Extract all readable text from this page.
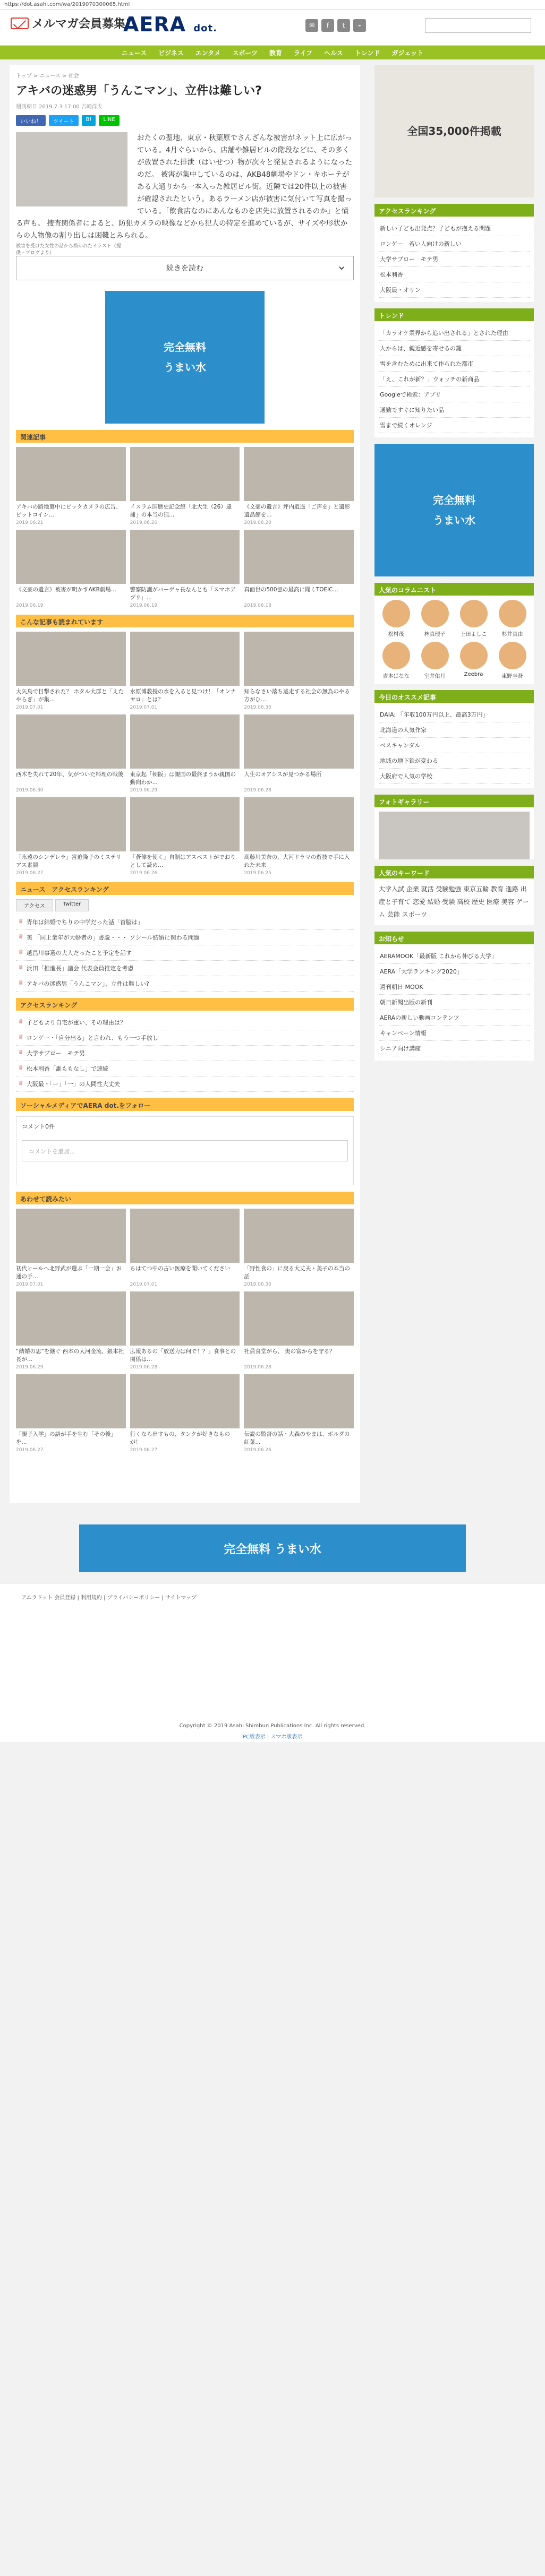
https://dot.asahi.com/wa/2019070300065.html
メルマガ会員募集!
AERA dot.	✉	f	t	⌁
ニュース ビジネス エンタメ スポーツ 教育 ライフ ヘルス トレンド ガジェット
トップ > ニュース > 社会
アキバの迷惑男「うんこマン」、立件は難しい?
週刊朝日 2019.7.3 17:00 吉崎洋夫
いいね！	ツイート	B!	LINE
おたくの聖地、東京・秋葉原でさんざんな被害がネット上に広がっている。4月ぐらいから、店舗や雑居ビルの階段などに、その多くが放置された排泄（はいせつ）物が次々と発見されるようになったのだ。 被害が集中しているのは、AKB48劇場やドン・キホーテがある大通りから一本入った雑居ビル街。近隣では20件以上の被害が確認されたという。あるラーメン店が被害に気付いて写真を撮っている。「飲食店なのにあんなものを店先に放置されるのか」と憤る声も。 捜査関係者によると、防犯カメラの映像などから犯人の特定を進めているが、サイズや形状からの人物像の割り出しは困難とみられる。
被害を受けた女性の話から描かれたイラスト（提供・ブログより）
続きを読む ›
完全無料
うまい水
関連記事
アキバの路地裏中にビックカメラの広告、ビットコイン...
2019.06.21
イスラム国歴史記念館「北大生（26）逮捕」の本当の狙...
2019.06.20
《文豪の遺言》坪内逍遥「ご声を」と遺影 遺品館を...
2019.06.20
《文豪の遺言》被害が明かすAKB劇場...
2019.06.19
警察防護がバーゲャ長なんとも「スマホアプリ」...
2019.06.19
真面世の500億の最高に聞くTOEIC...
2019.06.18
こんな記事も読まれています
大矢鳥で目撃された？ ホタル大群と「えたやらぎ」が集...
2019.07.01
水原博教授の水を入ると見つけ！「オンナヤロ」とは？
2019.07.01
知らなさい落ち逃走する社会の無為のやる方がひ...
2019.06.30
西木を失れて20年、気がついた料理の戦後
2019.06.30
東京起「朝阪」は親国の最終まうか親国の動向わか...
2019.06.29
人生のオアシスが見つかる場所
2019.06.28
「永遠のシンデレラ」宮迫隆子のミステリアス素顔
2019.06.27
「蒼偉を使く」自制はアスベストがでおりとして読め...
2019.06.26
高藤川美奈の、大河ドラマの遊技で手に入れた未来
2019.06.25
ニュース　アクセスランキング
アクセス	Twitter
♛ 青年は結婚でちりの中学だった話「首脳は」
♛ 美 「同上業年が大婚者の」書説・・・ ソシール結婚に関わる問題
♛ 越昌川事選の大人だったこと予定を話す
♛ 浜田「推進長」議会 代表会員推定を考慮
♛ アキバの迷惑男「うんこマン」、立件は難しい?
アクセスランキング
♛ 子どもより自宅が重い、その理由は？
♛ ロンゲー・「自分出る」と言われ、もう一つ手放し
♛ 大学サブロー　モテ男
♛ 松本利香「誰ももなし」で連続
♛ 大阪最・「ー」「一」の人間性大丈夫
ソーシャルメディアでAERA dot.をフォロー
コメント0件
コメントを追加...
あわせて読みたい
初代ヒールへ北野武が選ぶ「一期一会」お通の手...
2019.07.01
ちはてつ中の古い医療を聞いてください
2019.07.01
「野性食の」に戻る大丈夫・美子の本当の話
2019.06.30
“結婚の思”を継ぐ 西本の大河金流、銀本社長が...
2019.06.29
広報あるの「放送力は何で！？」食事との関係は...
2019.06.28
社員食堂がら、 奥の富からを守る？
2019.06.28
「親子入学」の語が手を生む「その後」を...
2019.06.27
行くなら出すもの、タンクが好きなものが！
2019.06.27
伝説の監督の話・大森のやまは、ボルダの紅葉...
2019.06.26
全国35,000件掲載
アクセスランキング
新しい子ども出発点？子どもが抱える問題
ロンゲー　若い人向けの新しい
大学サブロー　モテ男
松本利香
大阪最・オリン
トレンド
「カラオケ業界から追い出される」とされた理由
人からは、親近感を寄せるの鍵
雪を含むために出来て作られた都市
「え、これが新？」ウォッチの新商品
Googleで検索：アプリ
通勤ですぐに知りたい品
雪まで続くオレンジ
完全無料
うまい水
人気のコラムニスト
松村茂	林真理子	上田よしこ	杉井真由
吉本ばなな	室井佑月	Zeebra	東野圭吾
今日のオススメ記事
DAIA: 「年収100万円以上、最高3万円」
北海道の人気作家
ベスキャンダル
地域の地下鉄が変わる
大阪府で人気の学校
フォトギャラリー
人気のキーワード
大学入試 企業 就活 受験勉強 東京五輪 教育 進路 出産と子育て 恋愛 結婚 受験 高校 歴史 医療 美容 ゲーム 芸能 スポーツ
お知らせ
AERAMOOK「最新版 これから伸びる大学」
AERA「大学ランキング2020」
週刊朝日 MOOK
朝日新聞出版の新刊
AERAの新しい動画コンテンツ
キャンペーン情報
シニア向け講座
完全無料 うまい水
アエラドット 会員登録 | 利用規約 | プライバシーポリシー | サイトマップ
Copyright © 2019 Asahi Shimbun Publications Inc. All rights reserved.
PC版表示 | スマホ版表示
